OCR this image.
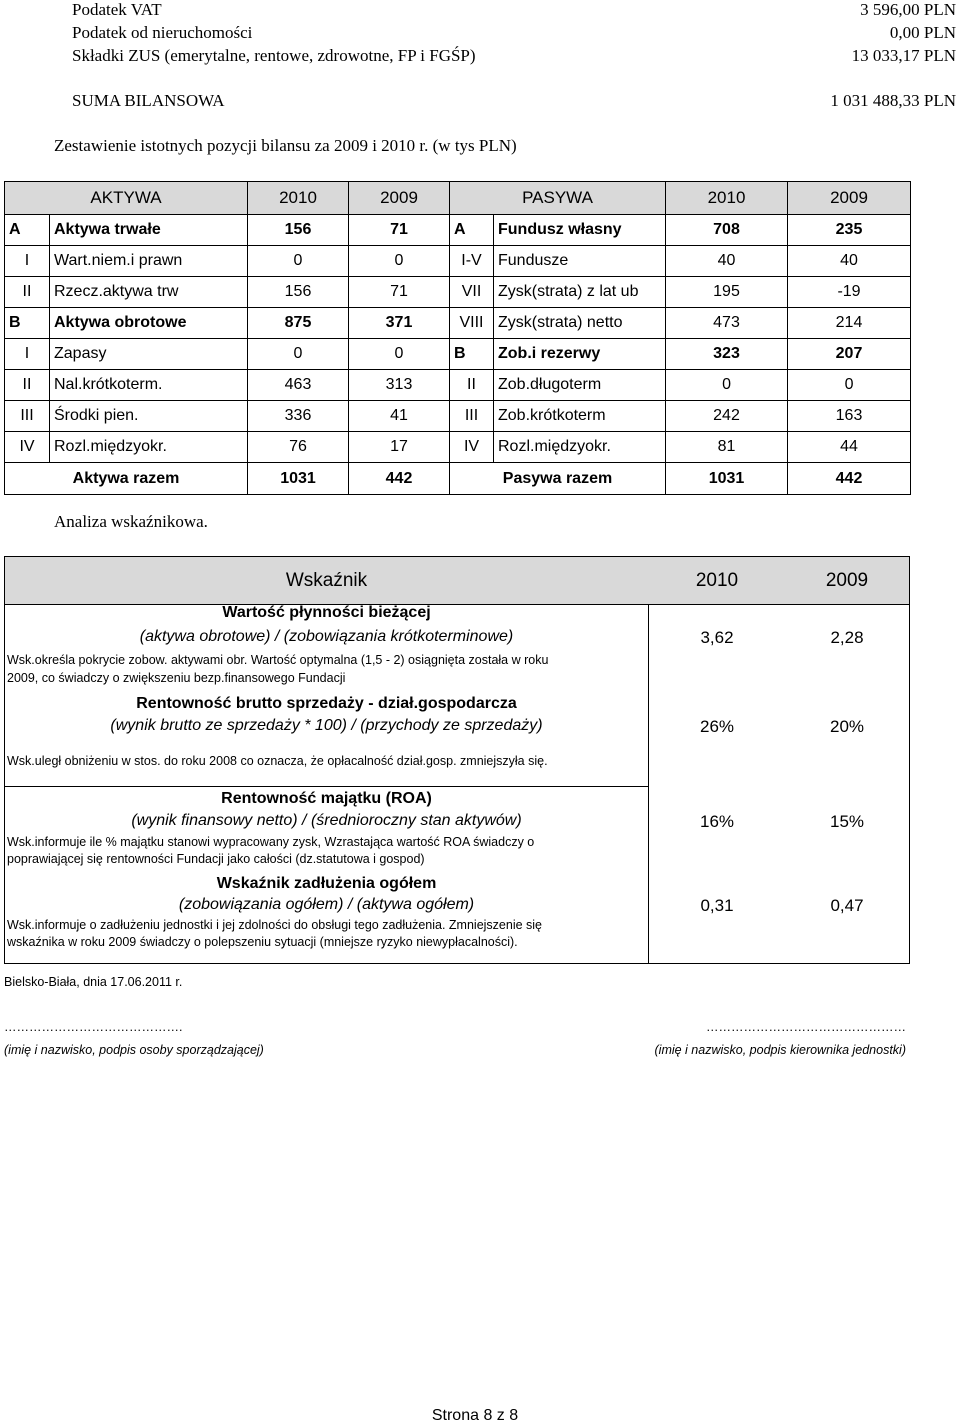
Podatek VAT	3 596,00 PLN
Podatek od nieruchomości	0,00 PLN
Składki ZUS (emerytalne, rentowe, zdrowotne, FP i FGŚP)	13 033,17 PLN
SUMA BILANSOWA	1 031 488,33 PLN
Zestawienie istotnych pozycji bilansu za 2009 i 2010 r. (w tys PLN)
AKTYWA		2010	2009	PASYWA		2010	2009
A	Aktywa trwałe	156	71	A	Fundusz własny	708	235
I	Wart.niem.i prawn	0	0	I-V	Fundusze	40	40
II	Rzecz.aktywa trw	156	71	VII	Zysk(strata) z lat ub	195	-19
B	Aktywa obrotowe	875	371	VIII	Zysk(strata) netto	473	214
I	Zapasy	0	0	B	Zob.i rezerwy	323	207
II	Nal.krótkoterm.	463	313	II	Zob.długoterm	0	0
III	Środki pien.	336	41	III	Zob.krótkoterm	242	163
IV	Rozl.międzyokr.	76	17	IV	Rozl.międzyokr.	81	44
Aktywa razem		1031	442	Pasywa razem		1031	442
Analiza wskaźnikowa.
Wskaźnik	2010	2009
Wartość płynności bieżącej
(aktywa obrotowe) / (zobowiązania krótkoterminowe)	3,62	2,28
Wsk.określa pokrycie zobow. aktywami obr. Wartość optymalna (1,5 - 2) osiągnięta została w roku
2009, co świadczy o zwiększeniu bezp.finansowego Fundacji
Rentowność brutto sprzedaży - dział.gospodarcza
(wynik brutto ze sprzedaży * 100) / (przychody ze sprzedaży)	26%	20%
Wsk.uległ obniżeniu w stos. do roku 2008 co oznacza, że opłacalność dział.gosp. zmniejszyła się.
Rentowność majątku (ROA)
(wynik finansowy netto) / (średnioroczny stan aktywów)	16%	15%
Wsk.informuje ile % majątku stanowi wypracowany zysk, Wzrastająca wartość ROA świadczy o
poprawiającej się rentowności Fundacji jako całości (dz.statutowa i gospod)
Wskaźnik zadłużenia ogółem
(zobowiązania ogółem) / (aktywa ogółem)	0,31	0,47
Wsk.informuje o zadłużeniu jednostki i jej zdolności do obsługi tego zadłużenia. Zmniejszenie się
wskaźnika w roku 2009 świadczy o polepszeniu sytuacji (mniejsze ryzyko niewypłacalności).
Bielsko-Biała, dnia 17.06.2011 r.
…………………………………….
(imię i nazwisko, podpis osoby sporządzającej)
…………………………………………
(imię i nazwisko, podpis kierownika jednostki)
Strona 8 z 8
